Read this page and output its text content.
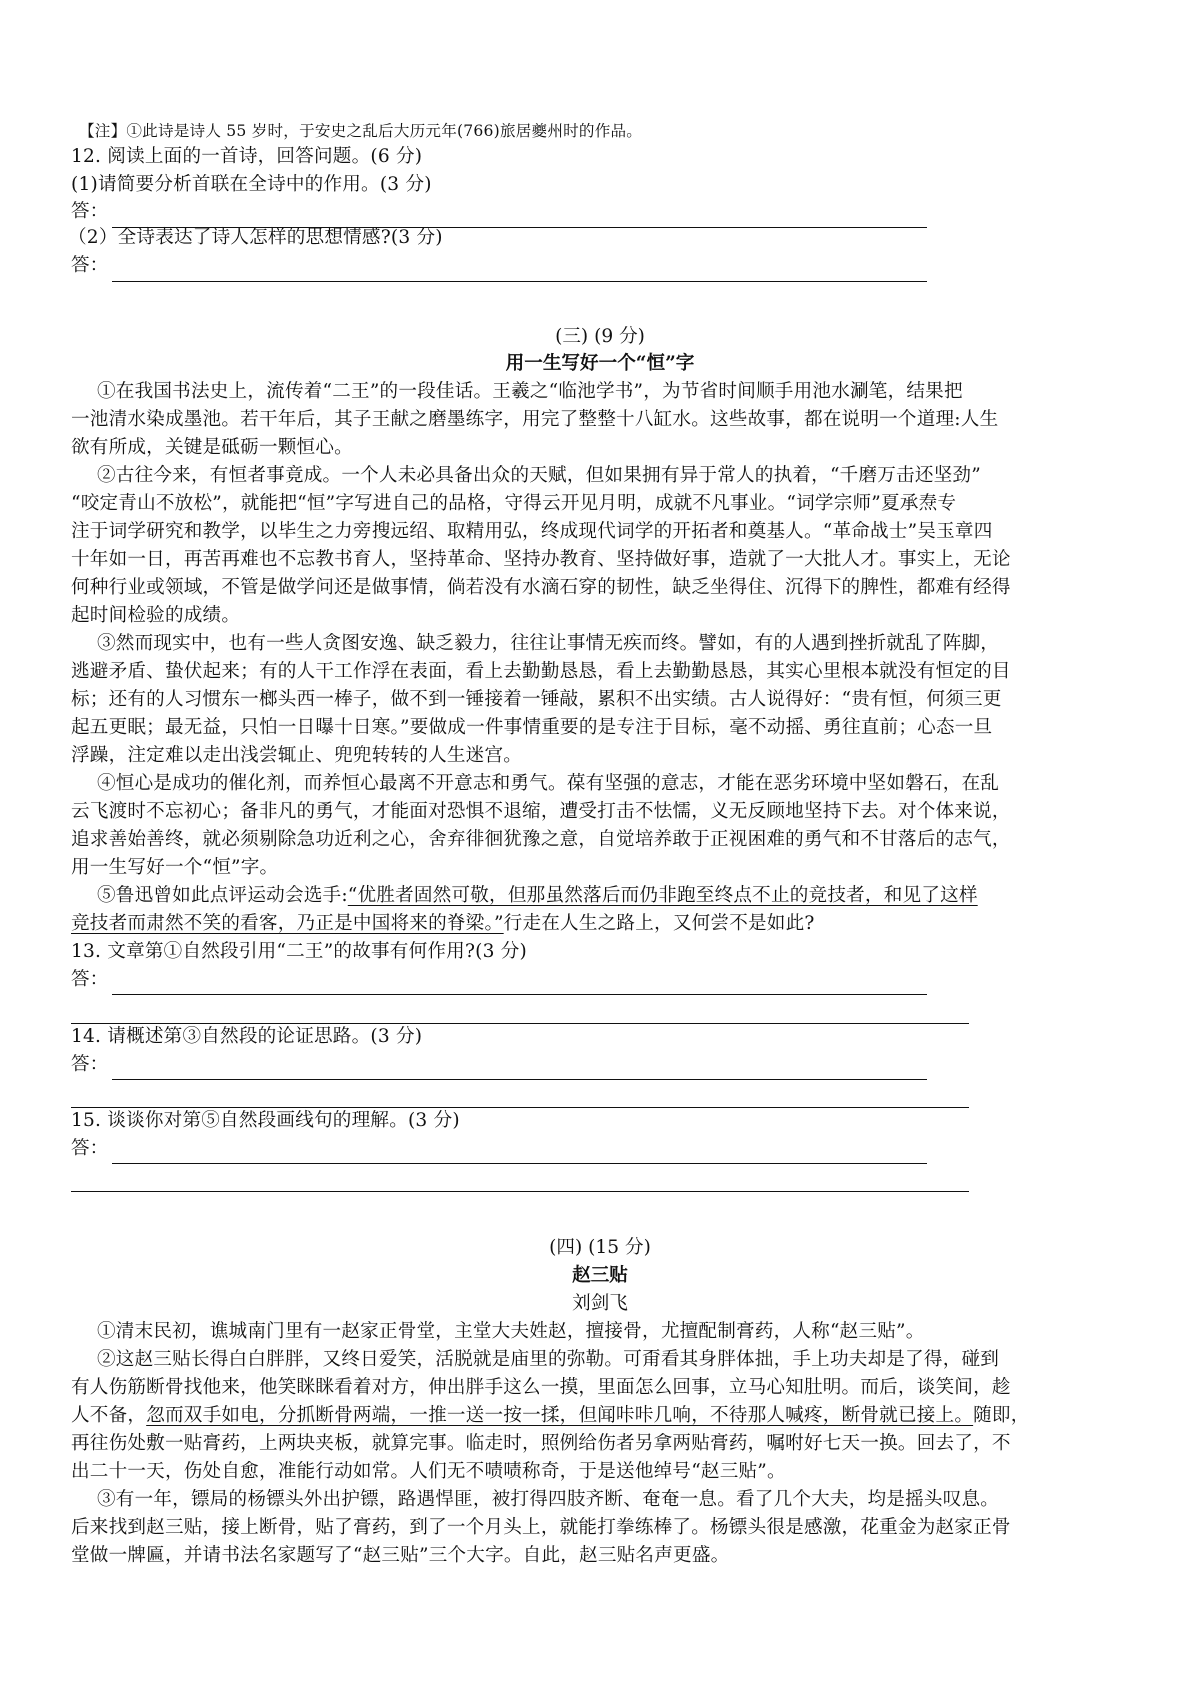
【注】①此诗是诗人 55 岁时，于安史之乱后大历元年(766)旅居夔州时的作品。
12. 阅读上面的一首诗，回答问题。(6 分)
(1)请简要分析首联在全诗中的作用。(3 分)
答：
（2）全诗表达了诗人怎样的思想情感?(3 分)
答：
(三) (9 分)
用一生写好一个“恒”字
①在我国书法史上，流传着“二王”的一段佳话。王羲之“临池学书”，为节省时间顺手用池水涮笔，结果把
一池清水染成墨池。若干年后，其子王献之磨墨练字，用完了整整十八缸水。这些故事，都在说明一个道理:人生
欲有所成，关键是砥砺一颗恒心。
②古往今来，有恒者事竟成。一个人未必具备出众的天赋，但如果拥有异于常人的执着，“千磨万击还坚劲”
“咬定青山不放松”，就能把“恒”字写进自己的品格，守得云开见月明，成就不凡事业。“词学宗师”夏承焘专
注于词学研究和教学，以毕生之力旁搜远绍、取精用弘，终成现代词学的开拓者和奠基人。“革命战士”吴玉章四
十年如一日，再苦再难也不忘教书育人，坚持革命、坚持办教育、坚持做好事，造就了一大批人才。事实上，无论
何种行业或领域，不管是做学问还是做事情，倘若没有水滴石穿的韧性，缺乏坐得住、沉得下的脾性，都难有经得
起时间检验的成绩。
③然而现实中，也有一些人贪图安逸、缺乏毅力，往往让事情无疾而终。譬如，有的人遇到挫折就乱了阵脚，
逃避矛盾、蛰伏起来；有的人干工作浮在表面，看上去勤勤恳恳，看上去勤勤恳恳，其实心里根本就没有恒定的目
标；还有的人习惯东一榔头西一棒子，做不到一锤接着一锤敲，累积不出实绩。古人说得好：“贵有恒，何须三更
起五更眠；最无益，只怕一日曝十日寒。”要做成一件事情重要的是专注于目标，毫不动摇、勇往直前；心态一旦
浮躁，注定难以走出浅尝辄止、兜兜转转的人生迷宫。
④恒心是成功的催化剂，而养恒心最离不开意志和勇气。葆有坚强的意志，才能在恶劣环境中坚如磐石，在乱
云飞渡时不忘初心；备非凡的勇气，才能面对恐惧不退缩，遭受打击不怯懦，义无反顾地坚持下去。对个体来说，
追求善始善终，就必须剔除急功近利之心，舍弃徘徊犹豫之意，自觉培养敢于正视困难的勇气和不甘落后的志气，
用一生写好一个“恒”字。
⑤鲁迅曾如此点评运动会选手:“优胜者固然可敬，但那虽然落后而仍非跑至终点不止的竞技者，和见了这样
竞技者而肃然不笑的看客，乃正是中国将来的脊梁。”行走在人生之路上，又何尝不是如此?
13. 文章第①自然段引用“二王”的故事有何作用?(3 分)
答：
14. 请概述第③自然段的论证思路。(3 分)
答：
15. 谈谈你对第⑤自然段画线句的理解。(3 分)
答：
(四) (15 分)
赵三贴
刘剑飞
①清末民初，谯城南门里有一赵家正骨堂，主堂大夫姓赵，擅接骨，尤擅配制膏药，人称“赵三贴”。
②这赵三贴长得白白胖胖，又终日爱笑，活脱就是庙里的弥勒。可甭看其身胖体拙，手上功夫却是了得，碰到
有人伤筋断骨找他来，他笑眯眯看着对方，伸出胖手这么一摸，里面怎么回事，立马心知肚明。而后，谈笑间，趁
人不备，忽而双手如电，分抓断骨两端，一推一送一按一揉，但闻咔咔几响，不待那人喊疼，断骨就已接上。随即，
再往伤处敷一贴膏药，上两块夹板，就算完事。临走时，照例给伤者另拿两贴膏药，嘱咐好七天一换。回去了，不
出二十一天，伤处自愈，准能行动如常。人们无不啧啧称奇，于是送他绰号“赵三贴”。
③有一年，镖局的杨镖头外出护镖，路遇悍匪，被打得四肢齐断、奄奄一息。看了几个大夫，均是摇头叹息。
后来找到赵三贴，接上断骨，贴了膏药，到了一个月头上，就能打拳练棒了。杨镖头很是感激，花重金为赵家正骨
堂做一牌匾，并请书法名家题写了“赵三贴”三个大字。自此，赵三贴名声更盛。
